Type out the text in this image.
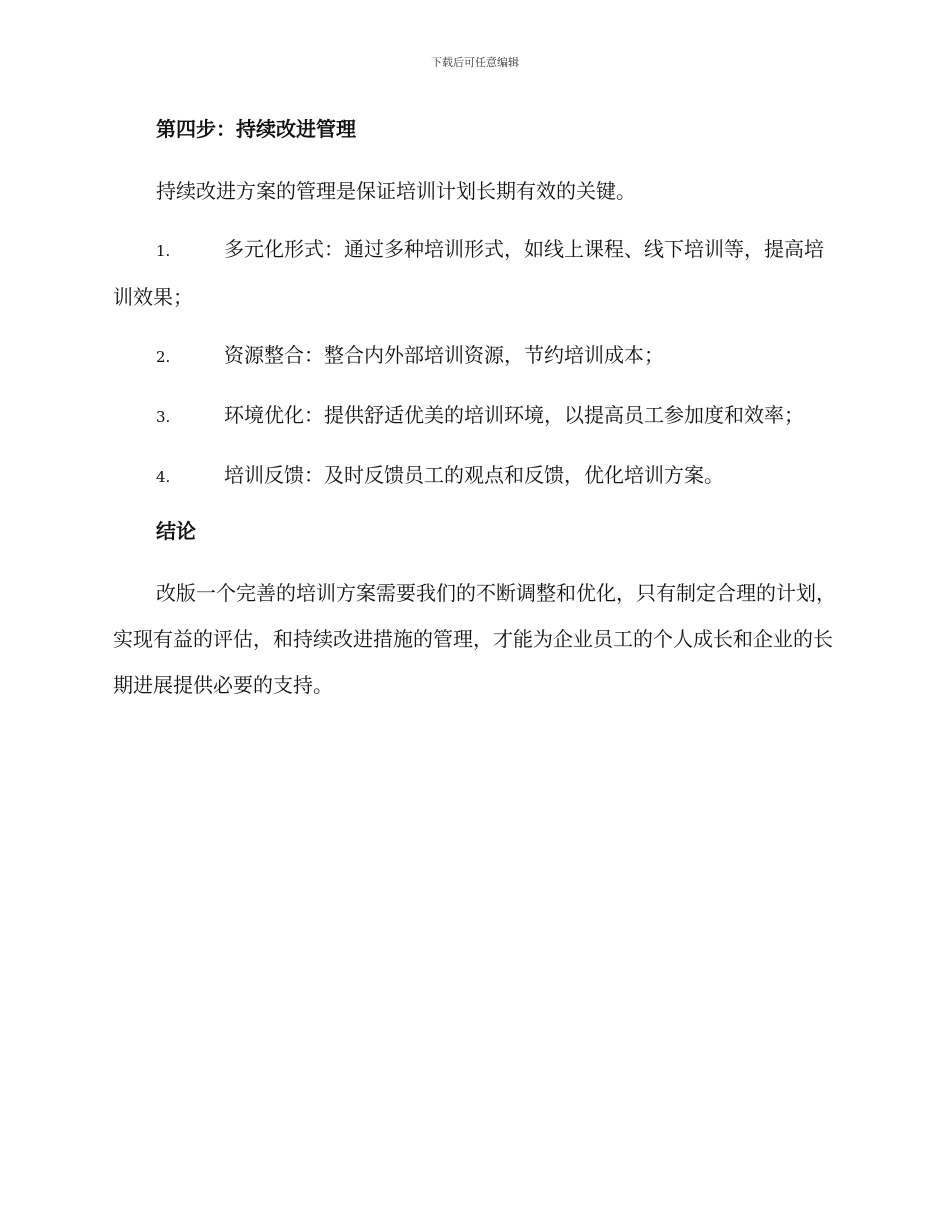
下载后可任意编辑

第四步：持续改进管理

持续改进方案的管理是保证培训计划长期有效的关键。

1.	多元化形式：通过多种培训形式，如线上课程、线下培训等，提高培训效果；

2.	资源整合：整合内外部培训资源，节约培训成本；

3.	环境优化：提供舒适优美的培训环境，以提高员工参加度和效率；

4.	培训反馈：及时反馈员工的观点和反馈，优化培训方案。

结论

改版一个完善的培训方案需要我们的不断调整和优化，只有制定合理的计划，实现有益的评估，和持续改进措施的管理，才能为企业员工的个人成长和企业的长期进展提供必要的支持。
